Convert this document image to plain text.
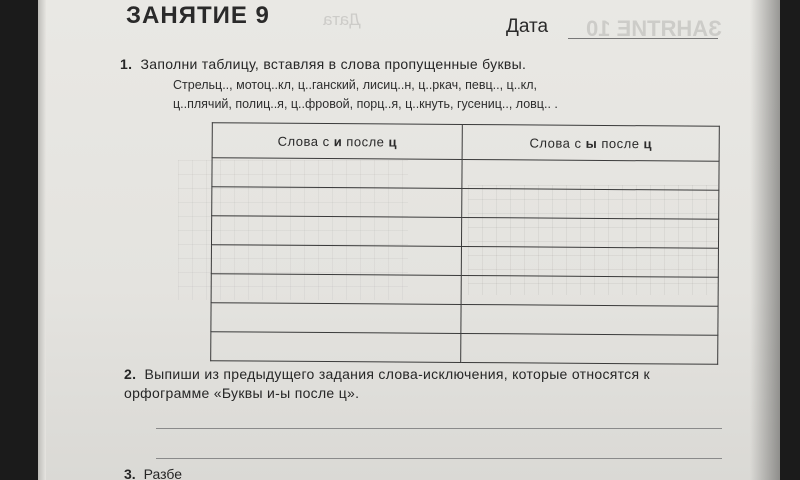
ЗАНЯТИЕ 10
Дата
ЗАНЯТИЕ 9	Дата
1. Заполни таблицу, вставляя в слова пропущенные буквы.
Стрельц.., мотоц..кл, ц..ганский, лисиц..н, ц..ркач, певц.., ц..кл,
ц..плячий, полиц..я, ц..фровой, порц..я, ц..кнуть, гусениц.., ловц.. .
Слова с и после ц	Слова с ы после ц

2. Выпиши из предыдущего задания слова-исключения, которые относятся к орфограмме «Буквы и-ы после ц».
3. Разбе
